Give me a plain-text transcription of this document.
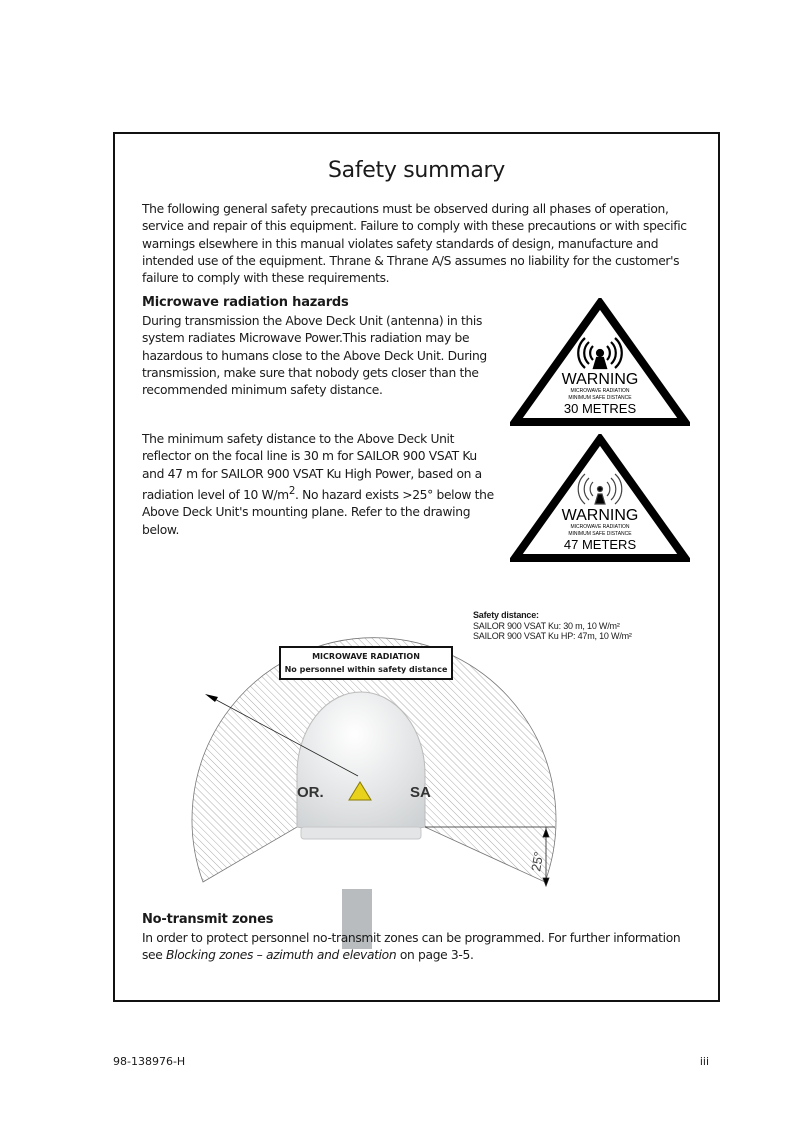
Safety summary
The following general safety precautions must be observed during all phases of operation, service and repair of this equipment. Failure to comply with these precautions or with specific warnings elsewhere in this manual violates safety standards of design, manufacture and intended use of the equipment. Thrane & Thrane A/S assumes no liability for the customer's failure to comply with these requirements.
Microwave radiation hazards
During transmission the Above Deck Unit (antenna) in this system radiates Microwave Power.This radiation may be hazardous to humans close to the Above Deck Unit. During transmission, make sure that nobody gets closer than the recommended minimum safety distance.
The minimum safety distance to the Above Deck Unit reflector on the focal line is 30 m for SAILOR 900 VSAT Ku and 47 m for SAILOR 900 VSAT Ku High Power, based on a radiation level of 10 $W/m^2$. No hazard exists >25° below the Above Deck Unit's mounting plane. Refer to the drawing below.
WARNING
MICROWAVE RADIATION
MINIMUM SAFE DISTANCE
30 METRES
WARNING
MICROWAVE RADIATION
MINIMUM SAFE DISTANCE
47 METERS
OR.	SA
25°
Safety distance:
SAILOR 900 VSAT Ku: 30 m, 10 W/m²
SAILOR 900 VSAT Ku HP: 47m, 10 W/m²
MICROWAVE RADIATION
No personnel within safety distance
No-transmit zones
In order to protect personnel no-transmit zones can be programmed. For further information see Blocking zones – azimuth and elevation on page 3-5.
98-138976-H	iii
